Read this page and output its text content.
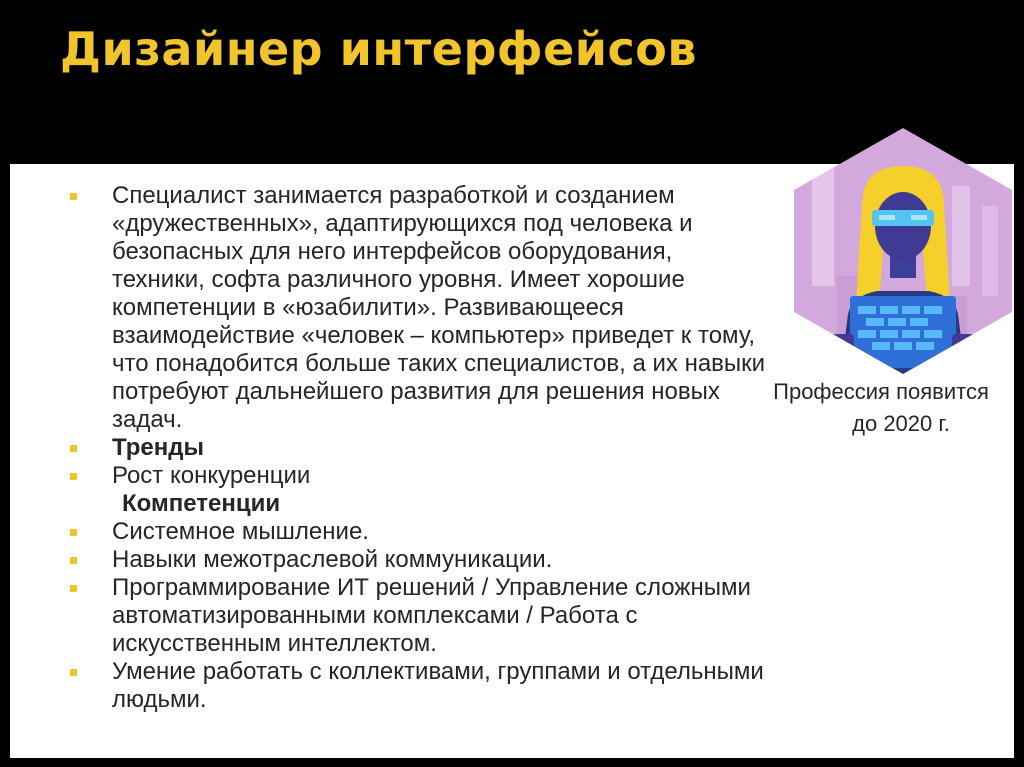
Дизайнер интерфейсов
Специалист занимается разработкой и созданием «дружественных», адаптирующихся под человека и безопасных для него интерфейсов оборудования, техники, софта различного уровня. Имеет хорошие компетенции в «юзабилити». Развивающееся взаимодействие «человек – компьютер» приведет к тому, что понадобится больше таких специалистов, а их навыки потребуют дальнейшего развития для решения новых задач.
Тренды
Рост конкуренции
Компетенции
Системное мышление.
Навыки межотраслевой коммуникации.
Программирование ИТ решений / Управление сложными автоматизированными комплексами / Работа с искусственным интеллектом.
Умение работать с коллективами, группами и отдельными людьми.
Профессия появится
до 2020 г.
